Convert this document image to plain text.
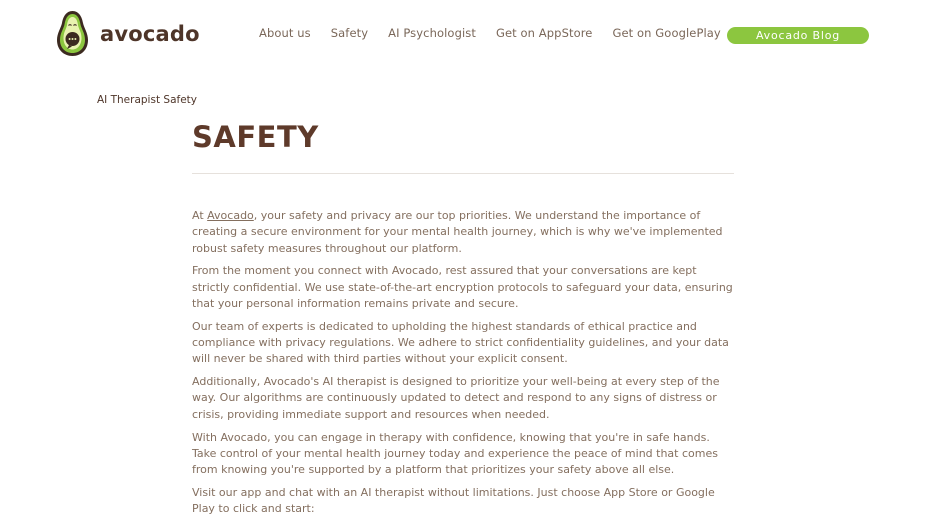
avocado	About us Safety AI Psychologist Get on AppStore Get on GooglePlay	Avocado Blog
AI Therapist Safety
SAFETY

At Avocado, your safety and privacy are our top priorities. We understand the importance of creating a secure environment for your mental health journey, which is why we've implemented robust safety measures throughout our platform.

From the moment you connect with Avocado, rest assured that your conversations are kept strictly confidential. We use state-of-the-art encryption protocols to safeguard your data, ensuring that your personal information remains private and secure.

Our team of experts is dedicated to upholding the highest standards of ethical practice and compliance with privacy regulations. We adhere to strict confidentiality guidelines, and your data will never be shared with third parties without your explicit consent.

Additionally, Avocado's AI therapist is designed to prioritize your well-being at every step of the way. Our algorithms are continuously updated to detect and respond to any signs of distress or crisis, providing immediate support and resources when needed.

With Avocado, you can engage in therapy with confidence, knowing that you're in safe hands. Take control of your mental health journey today and experience the peace of mind that comes from knowing you're supported by a platform that prioritizes your safety above all else.

Visit our app and chat with an AI therapist without limitations. Just choose App Store or Google Play to click and start:
